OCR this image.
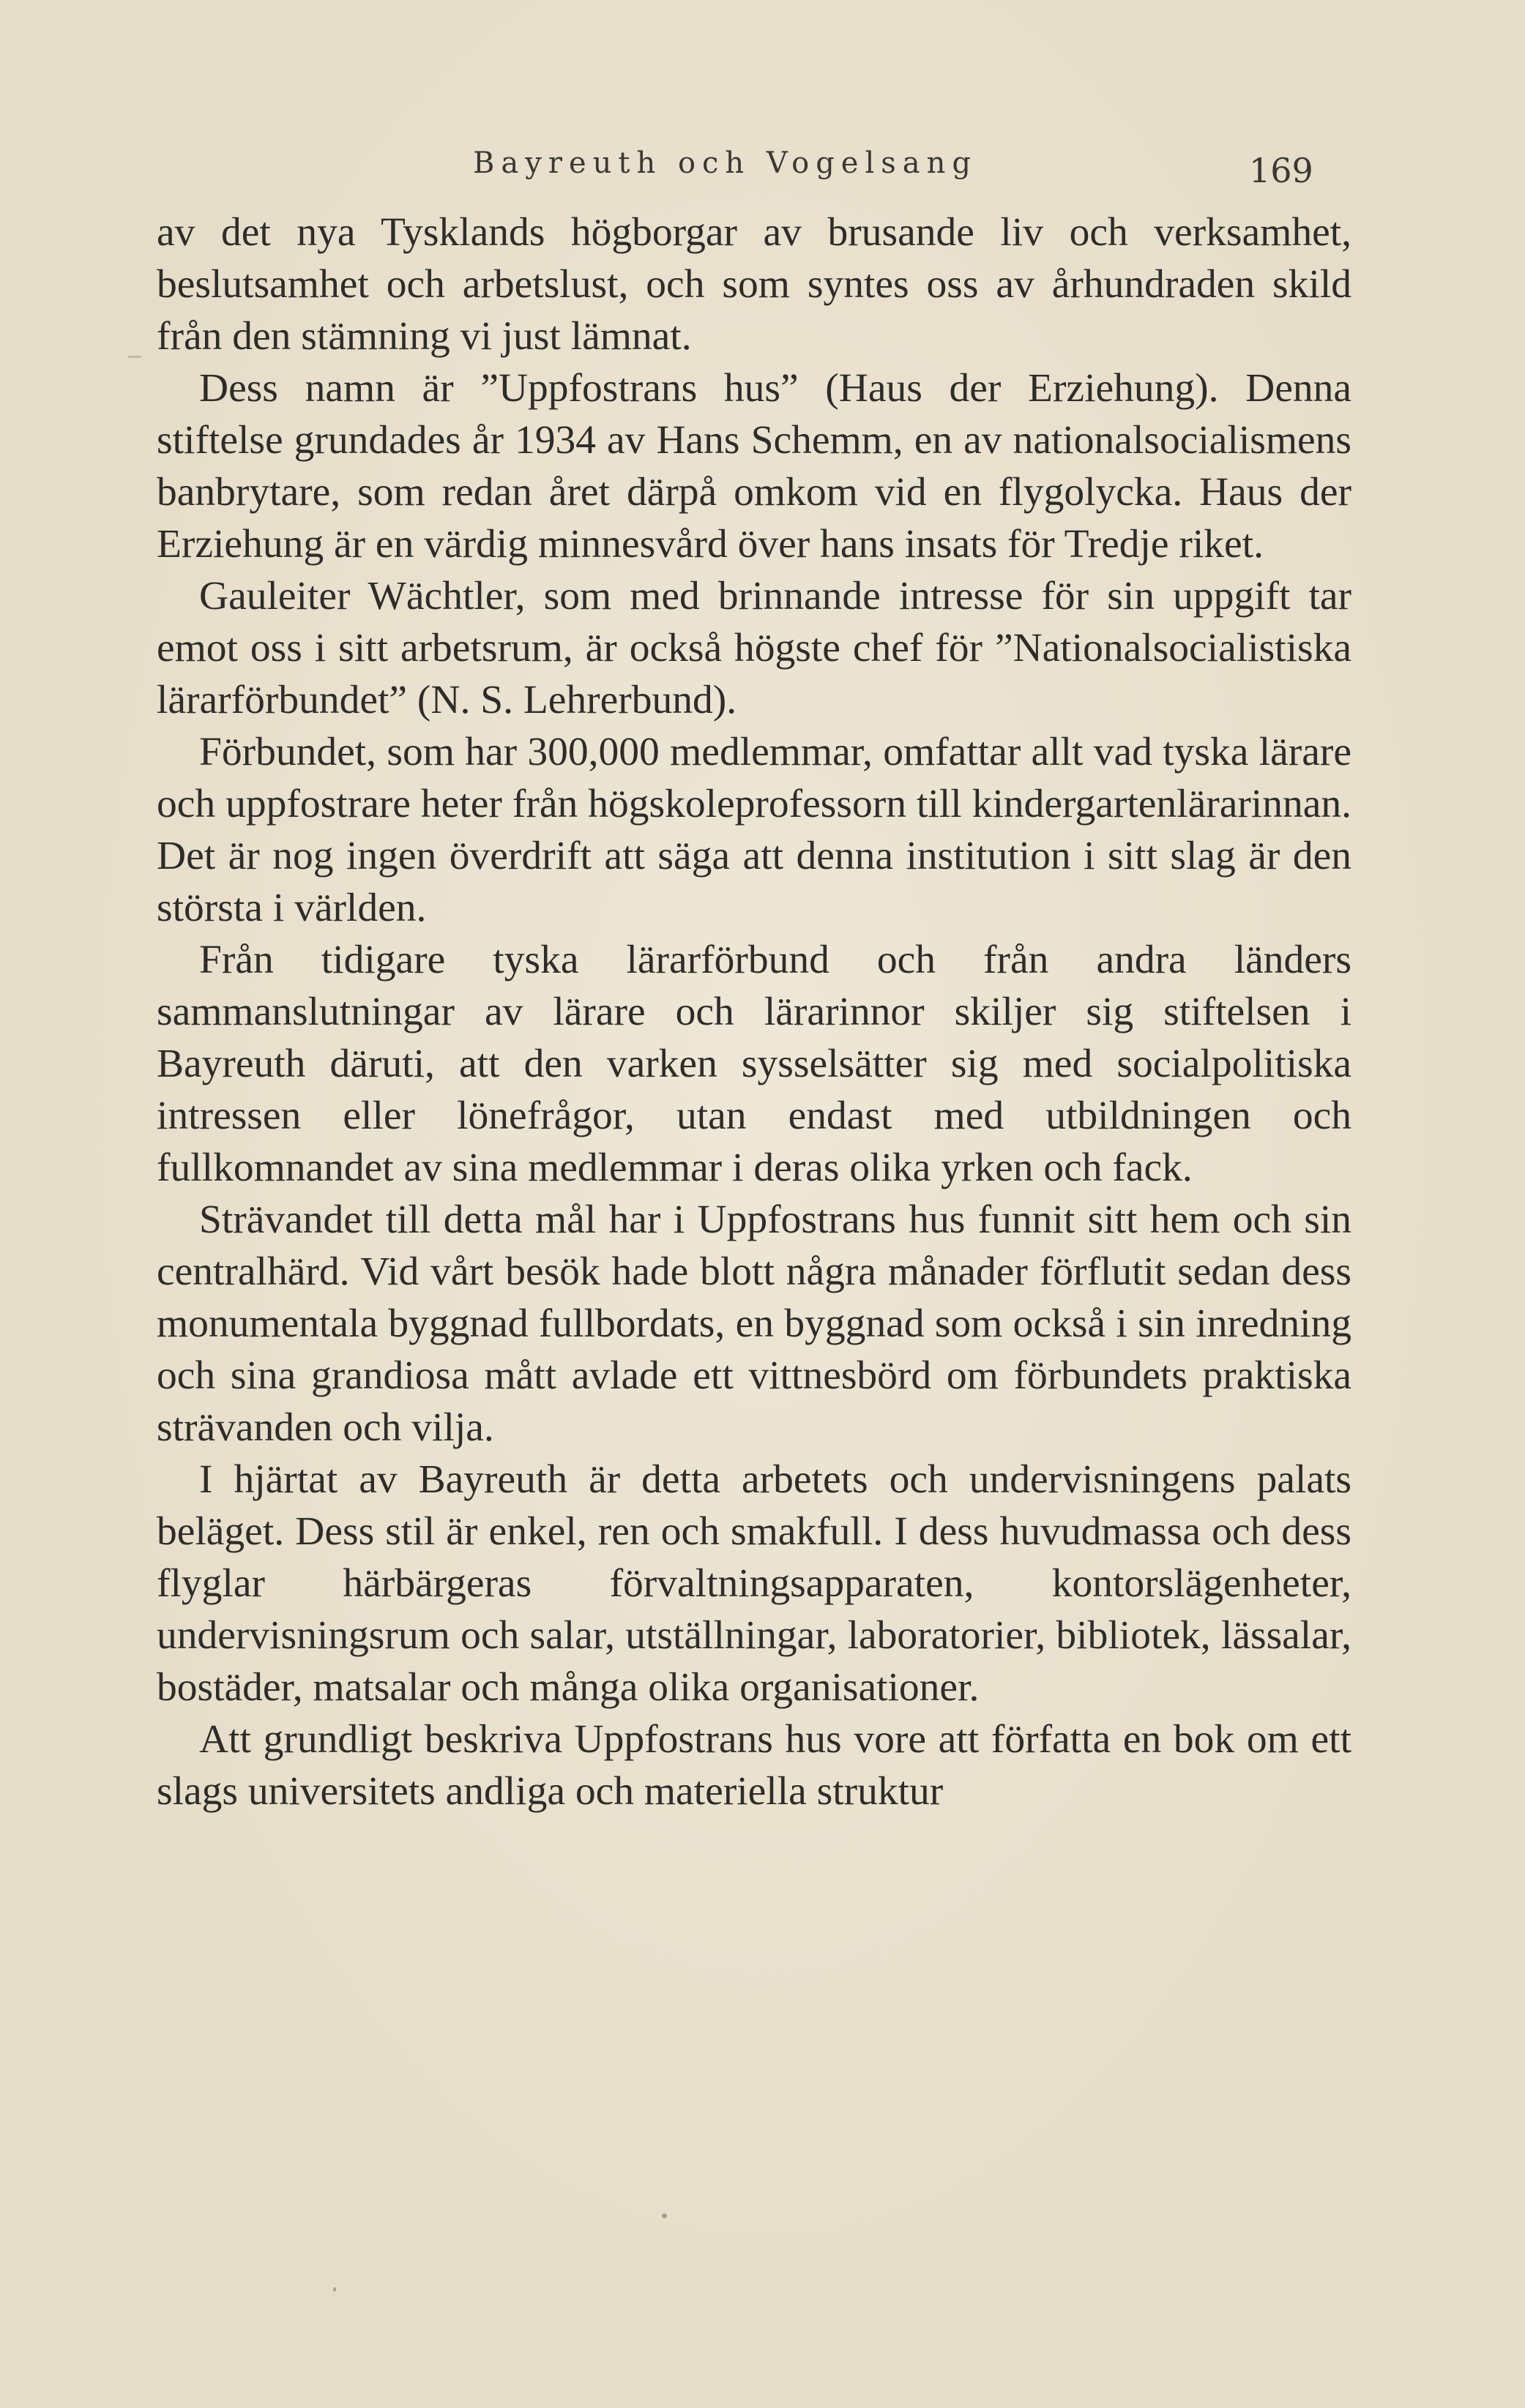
Bayreuth och Vogelsang	169

av det nya Tysklands högborgar av brusande liv och verksamhet, beslutsamhet och arbetslust, och som syntes oss av århundraden skild från den stämning vi just lämnat.

Dess namn är ”Uppfostrans hus” (Haus der Erziehung). Denna stiftelse grundades år 1934 av Hans Schemm, en av nationalsocialismens banbrytare, som redan året därpå omkom vid en flygolycka. Haus der Erziehung är en värdig minnesvård över hans insats för Tredje riket.

Gauleiter Wächtler, som med brinnande intresse för sin uppgift tar emot oss i sitt arbetsrum, är också högste chef för ”Nationalsocialistiska lärarförbundet” (N. S. Lehrerbund).

Förbundet, som har 300,000 medlemmar, omfattar allt vad tyska lärare och uppfostrare heter från högskoleprofessorn till kindergartenlärarinnan. Det är nog ingen överdrift att säga att denna institution i sitt slag är den största i världen.

Från tidigare tyska lärarförbund och från andra länders sammanslutningar av lärare och lärarinnor skiljer sig stiftelsen i Bayreuth däruti, att den varken sysselsätter sig med socialpolitiska intressen eller lönefrågor, utan endast med utbildningen och fullkomnandet av sina medlemmar i deras olika yrken och fack.

Strävandet till detta mål har i Uppfostrans hus funnit sitt hem och sin centralhärd. Vid vårt besök hade blott några månader förflutit sedan dess monumentala byggnad fullbordats, en byggnad som också i sin inredning och sina grandiosa mått avlade ett vittnesbörd om förbundets praktiska strävanden och vilja.

I hjärtat av Bayreuth är detta arbetets och undervisningens palats beläget. Dess stil är enkel, ren och smakfull. I dess huvudmassa och dess flyglar härbärgeras förvaltningsapparaten, kontorslägenheter, undervisningsrum och salar, utställningar, laboratorier, bibliotek, lässalar, bostäder, matsalar och många olika organisationer.

Att grundligt beskriva Uppfostrans hus vore att författa en bok om ett slags universitets andliga och materiella struktur
